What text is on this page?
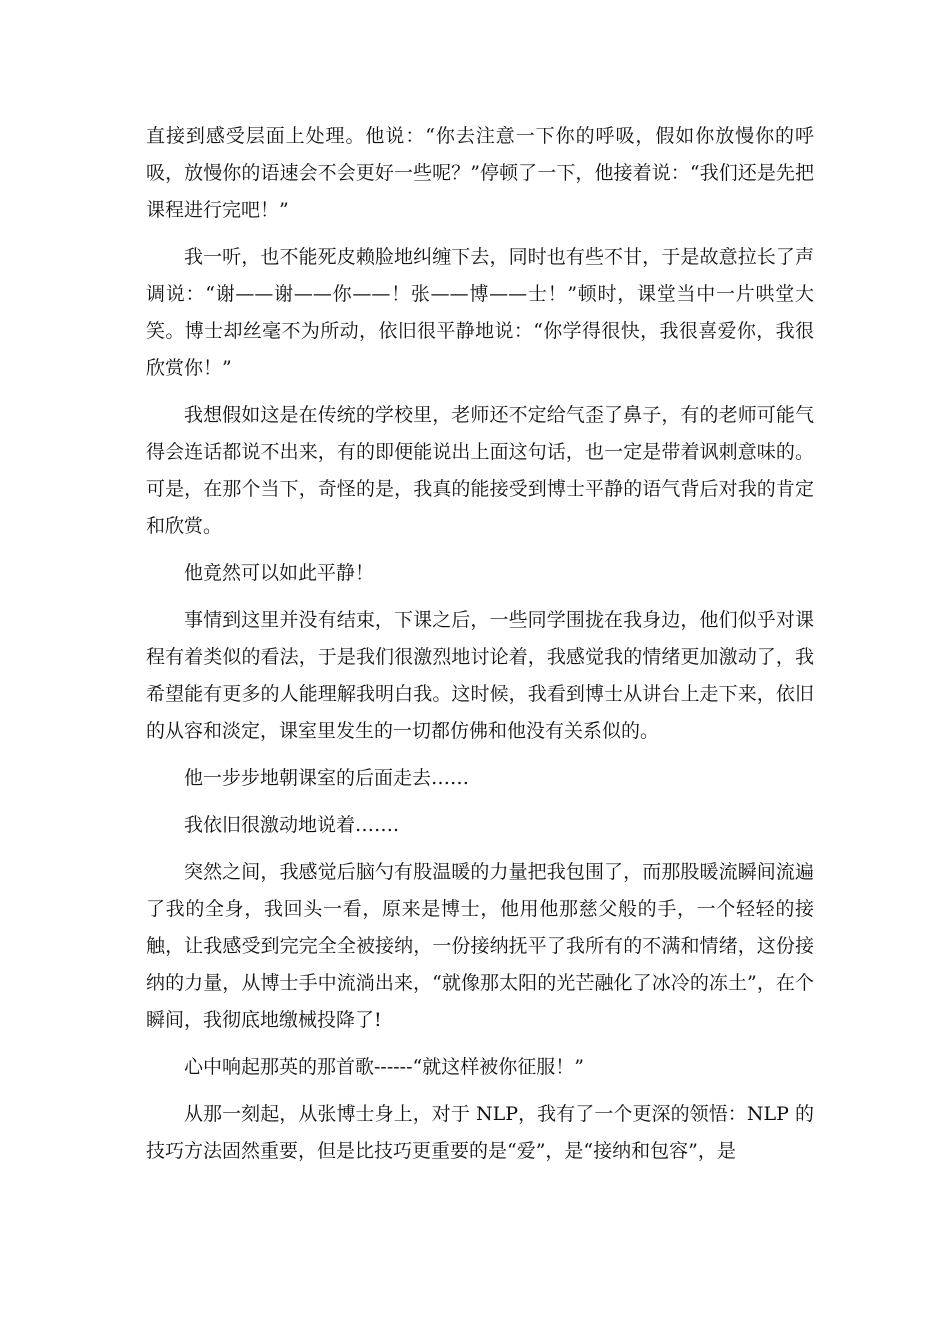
直接到感受层面上处理。他说：“你去注意一下你的呼吸，假如你放慢你的呼吸，放慢你的语速会不会更好一些呢？”停顿了一下，他接着说：“我们还是先把课程进行完吧！”

我一听，也不能死皮赖脸地纠缠下去，同时也有些不甘，于是故意拉长了声调说：“谢——谢——你——！张——博——士！”顿时，课堂当中一片哄堂大笑。博士却丝毫不为所动，依旧很平静地说：“你学得很快，我很喜爱你，我很欣赏你！”

我想假如这是在传统的学校里，老师还不定给气歪了鼻子，有的老师可能气得会连话都说不出来，有的即便能说出上面这句话，也一定是带着讽刺意味的。可是，在那个当下，奇怪的是，我真的能接受到博士平静的语气背后对我的肯定和欣赏。

他竟然可以如此平静！

事情到这里并没有结束，下课之后，一些同学围拢在我身边，他们似乎对课程有着类似的看法，于是我们很激烈地讨论着，我感觉我的情绪更加激动了，我希望能有更多的人能理解我明白我。这时候，我看到博士从讲台上走下来，依旧的从容和淡定，课室里发生的一切都仿佛和他没有关系似的。

他一步步地朝课室的后面走去……

我依旧很激动地说着…….

突然之间，我感觉后脑勺有股温暖的力量把我包围了，而那股暖流瞬间流遍了我的全身，我回头一看，原来是博士，他用他那慈父般的手，一个轻轻的接触，让我感受到完完全全被接纳，一份接纳抚平了我所有的不满和情绪，这份接纳的力量，从博士手中流淌出来，“就像那太阳的光芒融化了冰冷的冻土”，在个瞬间，我彻底地缴械投降了!

心中响起那英的那首歌------“就这样被你征服！”

从那一刻起，从张博士身上，对于 NLP，我有了一个更深的领悟：NLP 的技巧方法固然重要，但是比技巧更重要的是“爱”，是“接纳和包容”，是
